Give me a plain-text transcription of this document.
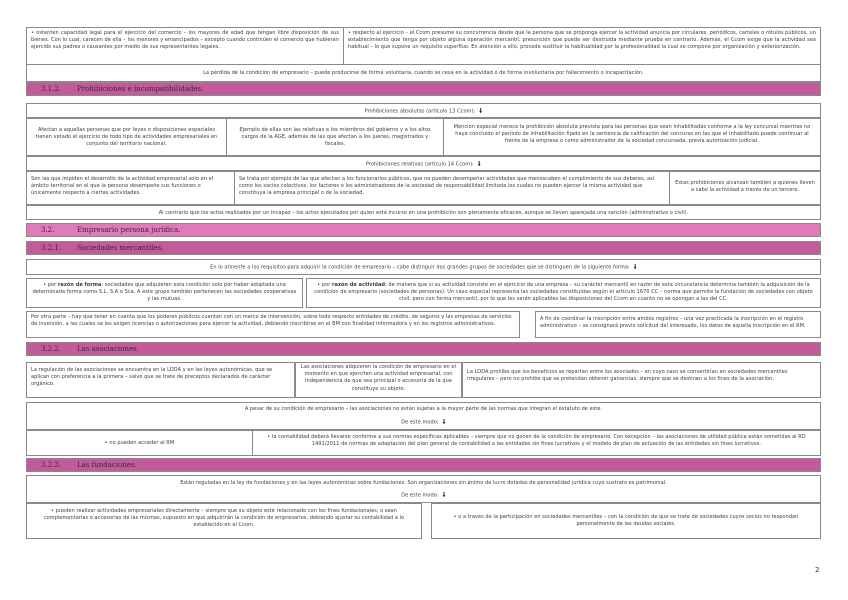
• ostenten capacidad legal para el ejercicio del comercio – los mayores de edad que tengan libre disposición de sus bienes. Con lo cual, carecen de ella – los menores y emancipados – excepto cuando continúen el comercio que hubieran ejercido sus padres o causantes por medio de sus representantes legales.
• respecto al ejercicio – el Ccom presume su concurrencia desde que la persona que se proponga ejercer la actividad anuncia por circulares, periódicos, carteles o rótulos públicos, un establecimiento que tenga por objeto alguna operación mercantil, presunción que puede ser destruida mediante prueba en contrario. Además, el Ccom exige que la actividad sea habitual – lo que supone un requisito superfluo. En atención a ello, procede sustituir la habitualidad por la profesionalidad la cual se compone por organización y exteriorización.
La pérdida de la condición de empresario – puede producirse de forma voluntaria, cuando se cesa en la actividad o de forma involuntaria por fallecimiento o incapacitación.
3.1.2. Prohibiciones e incompatibilidades.
Prohibiciones absolutas (artículo 13 Ccom): 🠛
Afectan a aquellas personas que por leyes o disposiciones especiales tienen vetado el ejercicio de todo tipo de actividades empresariales en conjunto del territorio nacional.
Ejemplo de ellas son las relativas a los miembros del gobierno y a los altos cargos de la AGE, además de las que afectan a los jueces, magistrados y fiscales.
Mención especial merece la prohibición absoluta prevista para las personas que sean inhabilitadas conforme a la ley concursal mientras no haya concluido el período de inhabilitación fijado en la sentencia de calificación del concurso en las que el inhabilitado puede continuar al frente de la empresa o como administrador de la sociedad concursada, previa autorización judicial.
Prohibiciones relativas (artículo 14 Ccom): 🠛
Son las que impiden el desarrollo de la actividad empresarial solo en el ámbito territorial en el que la persona desempeñe sus funciones o únicamente respecto a ciertas actividades.
Se trata por ejemplo de las que afectan a los funcionarios públicos, que no pueden desempeñar actividades que menoscaben el cumplimiento de sus deberes, así como los socios colectivos, los factores o los administradores de la sociedad de responsabilidad limitada los cuales no pueden ejercer la misma actividad que constituya la empresa principal o de la sociedad.
Estas prohibiciones alcanzan también a quienes lleven a cabo la actividad a través de un tercero.
Al contrario que los actos realizados por un incapaz – los actos ejecutados por quien está incurso en una prohibición son plenamente eficaces, aunque se lleven aparejada una sanción (administrativa o civil).
3.2.	Empresario persona jurídica.
3.2.1. Sociedades mercantiles.
En lo atinente a los requisitos para adquirir la condición de empresario – cabe distinguir dos grandes grupos de sociedades que se distinguen de la siguiente forma: 🠛
• por razón de forma: sociedades que adquieren esta condición solo por haber adoptado una determinada forma como S.L, S.A o Sca. A este grupo también pertenecen las sociedades cooperativas y las mutuas.
• por razón de actividad: de manera que si su actividad consiste en el ejercicio de una empresa – su carácter mercantil en razón de esta circunstancia determina también la adquisición de la condición de empresario (sociedades de personas). Un caso especial representa las sociedades constituidas según el artículo 1670 CC – norma que permite la fundación de sociedades con objeto civil, pero con forma mercantil, por lo que les serán aplicables las disposiciones del Ccom en cuanto no se opongan a las del CC.
Por otra parte – hay que tener en cuenta que los poderes públicos cuentan con un marco de intervención, sobre todo respecto entidades de crédito, de seguros y las empresas de servicios de inversión, a las cuales se les exigen licencias o autorizaciones para ejercer la actividad, debiendo inscribirse en el BM con finalidad informadora y en los registros administrativos.
A fin de coordinar la inscripción entre ambos registros – una vez practicada la inscripción en el registro administrativo – se consignará previo solicitud del interesado, los datos de aquella inscripción en el RM.
3.2.2. Las asociaciones.
La regulación de las asociaciones se encuentra en la LODA y en las leyes autonómicas, que se aplican con preferencia a la primera – salvo que se trate de preceptos declarados de carácter orgánico.
Las asociaciones adquieren la condición de empresario en el momento en que ejerciten una actividad empresarial, con independencia de que sea principal o accesoria de la que constituye su objeto.
La LODA prohíbe que los beneficios se repartan entre los asociados – en cuyo caso se convertirían en sociedades mercantiles irregulares – pero no prohíbe que se pretendan obtener ganancias, siempre que se destinen a los fines de la asociación.
A pesar de su condición de empresario – las asociaciones no están sujetas a la mayor parte de las normas que integran el estatuto de este.
De este modo: 🠛
• no pueden acceder al RM
• la contabilidad deberá llevarse conforme a sus normas específicas aplicables – siempre que no gocen de la condición de empresario. Con excepción – las asociaciones de utilidad pública están sometidas al RD 1491/2011 de normas de adaptación del plan general de contabilidad a las entidades sin fines lucrativos y el modelo de plan de actuación de las entidades sin fines lucrativos.
3.2.3. Las fundaciones.
Están reguladas en la ley de fundaciones y en las leyes autonómicas sobre fundaciones. Son organizaciones sin ánimo de lucro dotadas de personalidad jurídica cuyo sustrato es patrimonial.
De este modo: 🠛
• pueden realizar actividades empresariales directamente – siempre que su objeto esté relacionado con los fines fundacionales, o sean complementarias o accesorias de las mismas, supuesto en que adquirirán la condición de empresarios, debiendo ajustar su contabilidad a lo establecido en el Ccom.
• o a través de la participación en sociedades mercantiles – con la condición de que se trate de sociedades cuyos socios no respondan personalmente de las deudas sociales.
2
